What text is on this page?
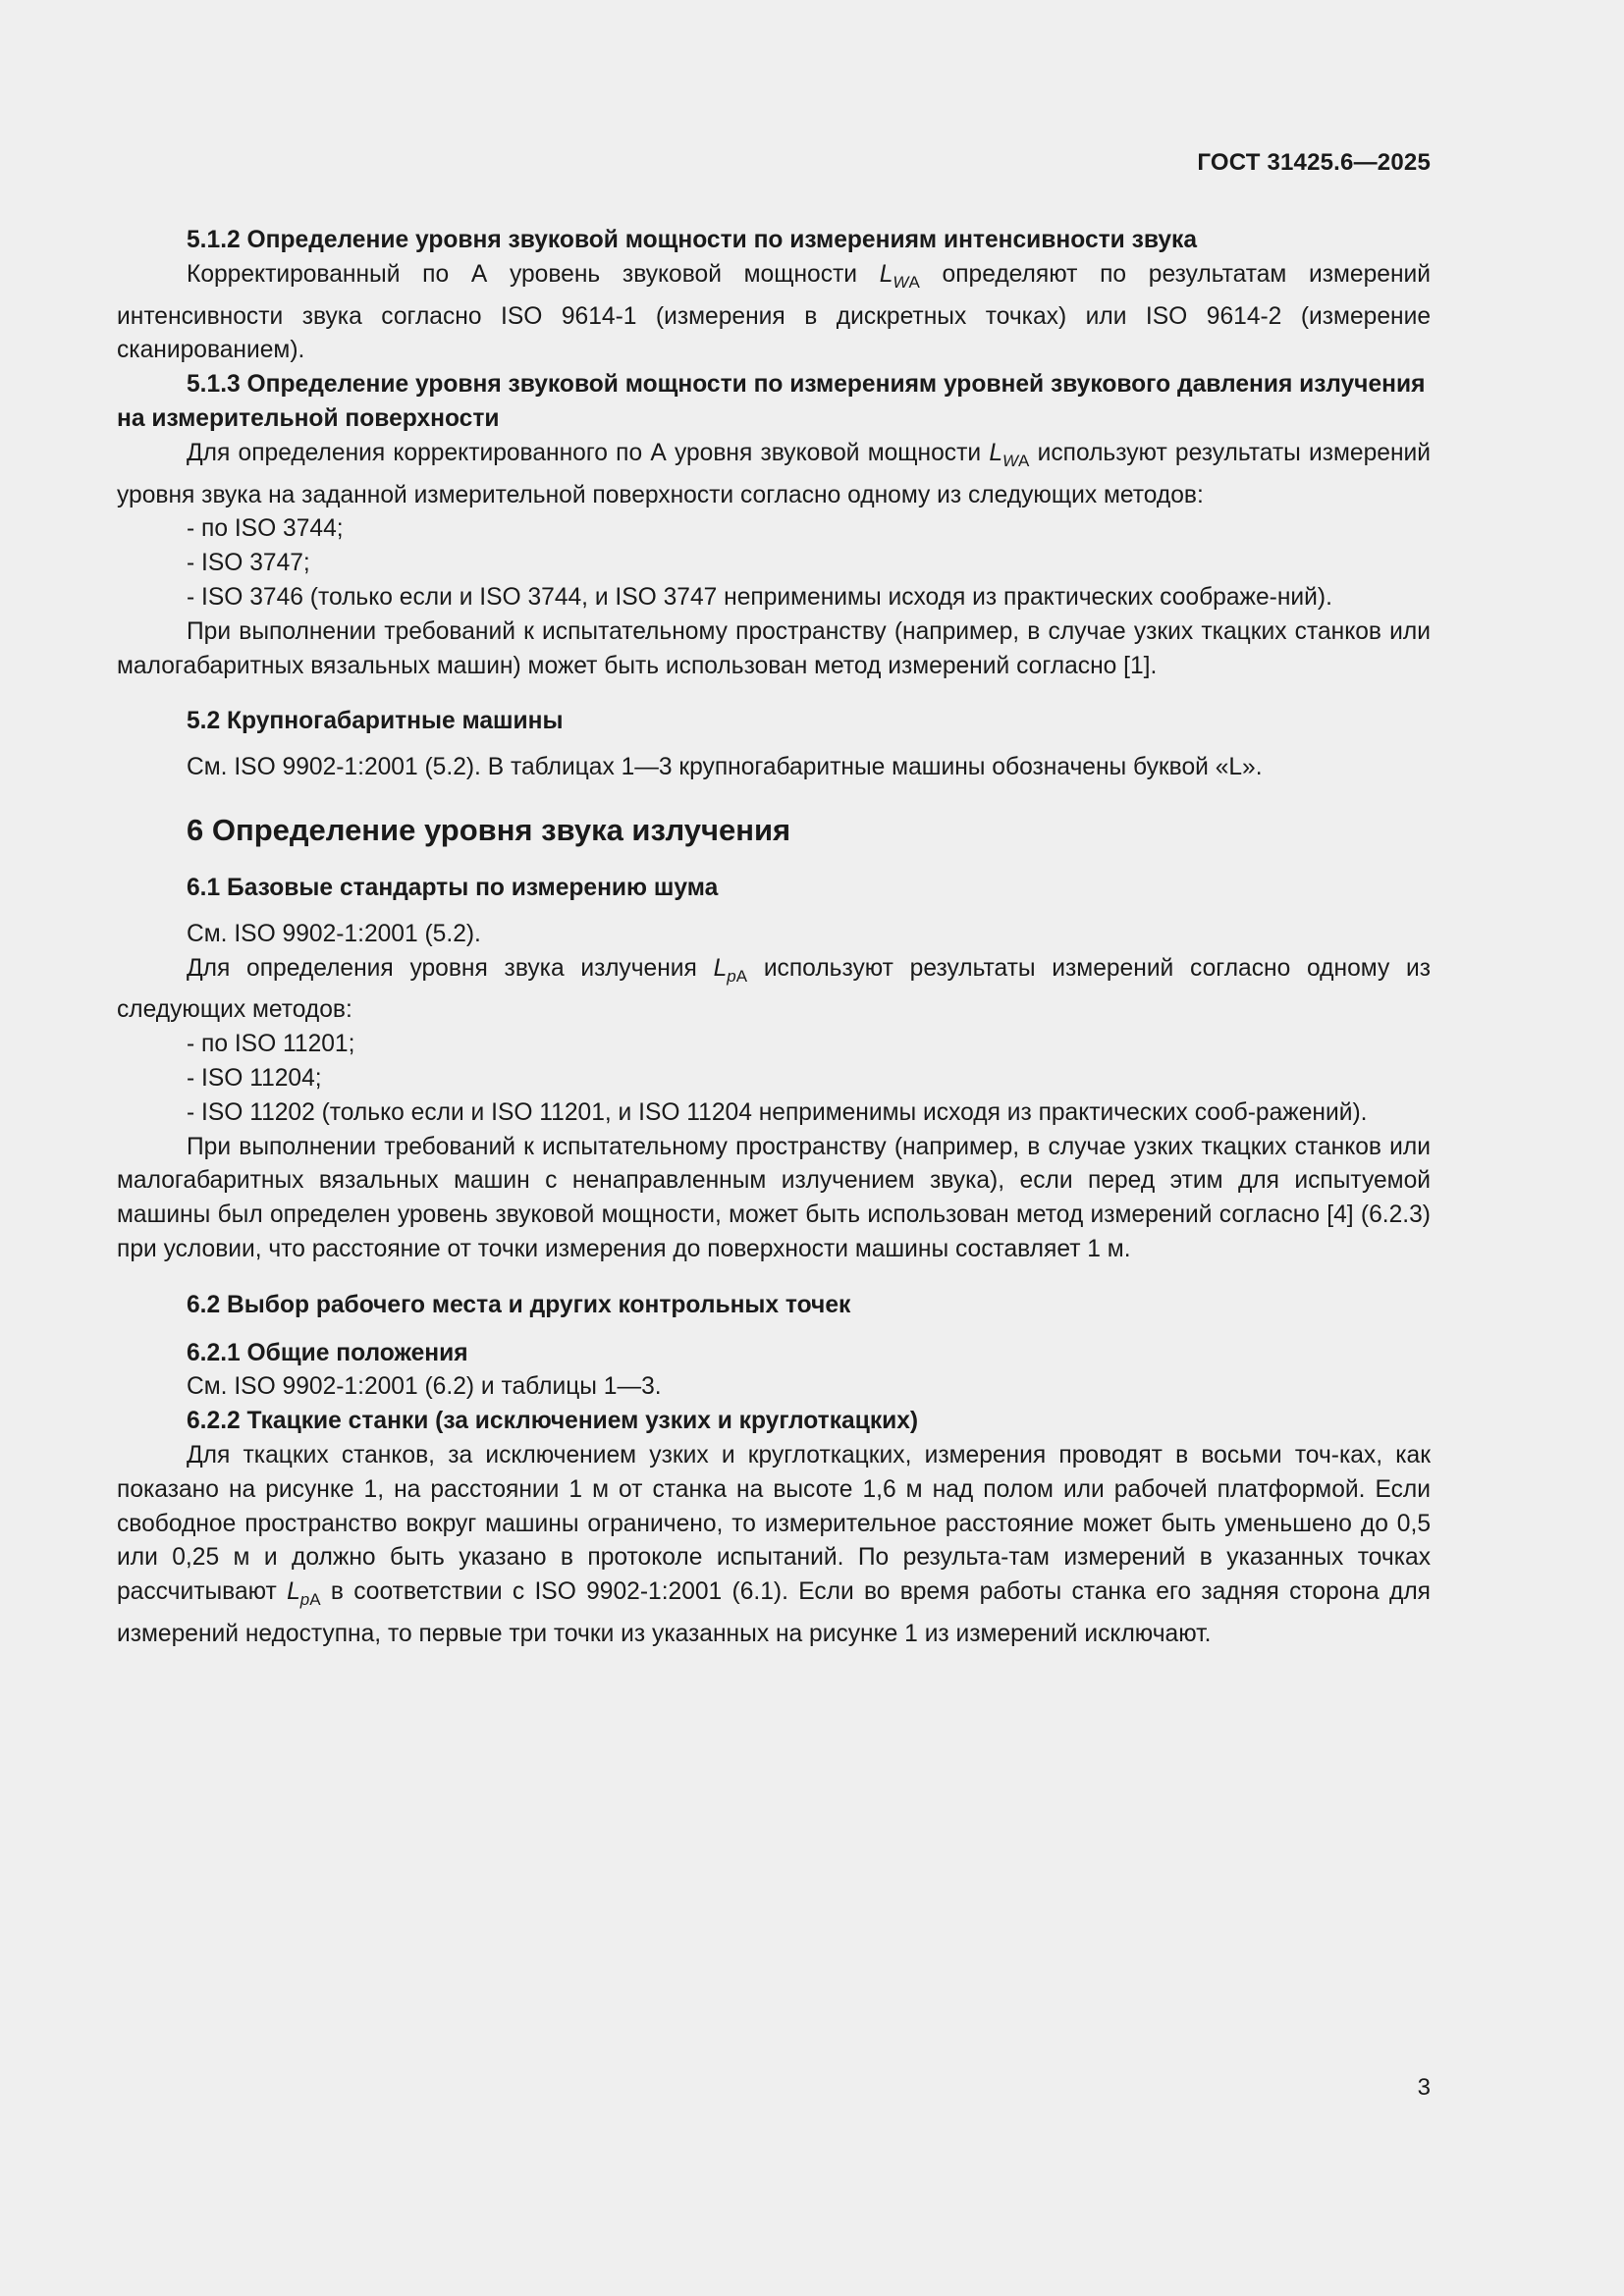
ГОСТ 31425.6—2025

5.1.2 Определение уровня звуковой мощности по измерениям интенсивности звука

Корректированный по А уровень звуковой мощности $L_{WA}$ определяют по результатам измерений интенсивности звука согласно ISO 9614-1 (измерения в дискретных точках) или ISO 9614-2 (измерение сканированием).

5.1.3 Определение уровня звуковой мощности по измерениям уровней звукового давления излучения на измерительной поверхности

Для определения корректированного по А уровня звуковой мощности $L_{WA}$ используют результаты измерений уровня звука на заданной измерительной поверхности согласно одному из следующих методов:

- по ISO 3744;

- ISO 3747;

- ISO 3746 (только если и ISO 3744, и ISO 3747 неприменимы исходя из практических соображе-ний).

При выполнении требований к испытательному пространству (например, в случае узких ткацких станков или малогабаритных вязальных машин) может быть использован метод измерений согласно [1].

5.2 Крупногабаритные машины

См. ISO 9902-1:2001 (5.2). В таблицах 1—3 крупногабаритные машины обозначены буквой «L».

6 Определение уровня звука излучения

6.1 Базовые стандарты по измерению шума

См. ISO 9902-1:2001 (5.2).

Для определения уровня звука излучения $L_{pA}$ используют результаты измерений согласно одному из следующих методов:

- по ISO 11201;

- ISO 11204;

- ISO 11202 (только если и ISO 11201, и ISO 11204 неприменимы исходя из практических сооб-ражений).

При выполнении требований к испытательному пространству (например, в случае узких ткацких станков или малогабаритных вязальных машин с ненаправленным излучением звука), если перед этим для испытуемой машины был определен уровень звуковой мощности, может быть использован метод измерений согласно [4] (6.2.3) при условии, что расстояние от точки измерения до поверхности машины составляет 1 м.

6.2 Выбор рабочего места и других контрольных точек

6.2.1 Общие положения

См. ISO 9902-1:2001 (6.2) и таблицы 1—3.

6.2.2 Ткацкие станки (за исключением узких и круглоткацких)

Для ткацких станков, за исключением узких и круглоткацких, измерения проводят в восьми точ-ках, как показано на рисунке 1, на расстоянии 1 м от станка на высоте 1,6 м над полом или рабочей платформой. Если свободное пространство вокруг машины ограничено, то измерительное расстояние может быть уменьшено до 0,5 или 0,25 м и должно быть указано в протоколе испытаний. По результа-там измерений в указанных точках рассчитывают $L_{pA}$ в соответствии с ISO 9902-1:2001 (6.1). Если во время работы станка его задняя сторона для измерений недоступна, то первые три точки из указанных на рисунке 1 из измерений исключают.

3
